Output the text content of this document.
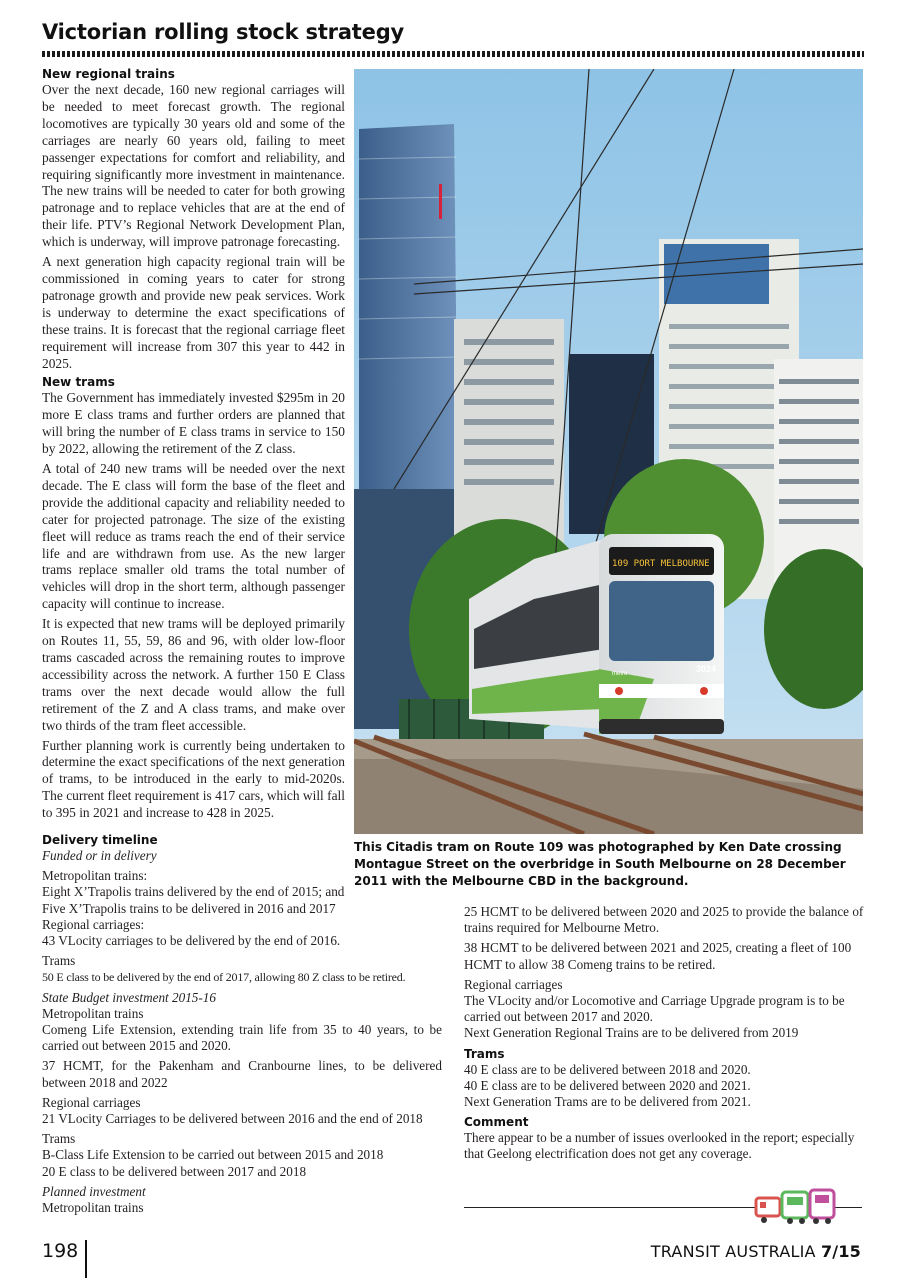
Victorian rolling stock strategy

New regional trains

Over the next decade, 160 new regional carriages will be needed to meet forecast growth. The regional locomotives are typically 30 years old and some of the carriages are nearly 60 years old, failing to meet passenger expectations for comfort and reliability, and requiring significantly more investment in maintenance. The new trains will be needed to cater for both growing patronage and to replace vehicles that are at the end of their life. PTV’s Regional Network Development Plan, which is underway, will improve patronage forecasting.

A next generation high capacity regional train will be commissioned in coming years to cater for strong patronage growth and provide new peak services. Work is underway to determine the exact specifications of these trains. It is forecast that the regional carriage fleet requirement will increase from 307 this year to 442 in 2025.

New trams

The Government has immediately invested $295m in 20 more E class trams and further orders are planned that will bring the number of E class trams in service to 150 by 2022, allowing the retirement of the Z class.

A total of 240 new trams will be needed over the next decade. The E class will form the base of the fleet and provide the additional capacity and reliability needed to cater for projected patronage. The size of the existing fleet will reduce as trams reach the end of their service life and are withdrawn from use. As the new larger trams replace smaller old trams the total number of vehicles will drop in the short term, although passenger capacity will continue to increase.

It is expected that new trams will be deployed primarily on Routes 11, 55, 59, 86 and 96, with older low-floor trams cascaded across the remaining routes to improve accessibility across the network. A further 150 E Class trams over the next decade would allow the full retirement of the Z and A class trams, and make over two thirds of the tram fleet accessible.

Further planning work is currently being undertaken to determine the exact specifications of the next generation of trams, to be introduced in the early to mid-2020s. The current fleet requirement is 417 cars, which will fall to 395 in 2021 and increase to 428 in 2025.

109 PORT MELBOURNE
3024
metro
This Citadis tram on Route 109 was photographed by Ken Date crossing Montague Street on the overbridge in South Melbourne on 28 December 2011 with the Melbourne CBD in the background.

Delivery timeline

Funded or in delivery

Metropolitan trains:

Eight X’Trapolis trains delivered by the end of 2015; and

Five X’Trapolis trains to be delivered in 2016 and 2017

Regional carriages:

43 VLocity carriages to be delivered by the end of 2016.

Trams

50 E class to be delivered by the end of 2017, allowing 80 Z class to be retired.

State Budget investment 2015-16

Metropolitan trains

Comeng Life Extension, extending train life from 35 to 40 years, to be carried out between 2015 and 2020.

37 HCMT, for the Pakenham and Cranbourne lines, to be delivered between 2018 and 2022

Regional carriages

21 VLocity Carriages to be delivered between 2016 and the end of 2018

Trams

B-Class Life Extension to be carried out between 2015 and 2018

20 E class to be delivered between 2017 and 2018

Planned investment

Metropolitan trains

25 HCMT to be delivered between 2020 and 2025 to provide the balance of trains required for Melbourne Metro.

38 HCMT to be delivered between 2021 and 2025, creating a fleet of 100 HCMT to allow 38 Comeng trains to be retired.

Regional carriages

The VLocity and/or Locomotive and Carriage Upgrade program is to be carried out between 2017 and 2020.

Next Generation Regional Trains are to be delivered from 2019

Trams

40 E class are to be delivered between 2018 and 2020.

40 E class are to be delivered between 2020 and 2021.

Next Generation Trams are to be delivered from 2021.

Comment

There appear to be a number of issues overlooked in the report; especially that Geelong electrification does not get any coverage.

198	TRANSIT AUSTRALIA 7/15
